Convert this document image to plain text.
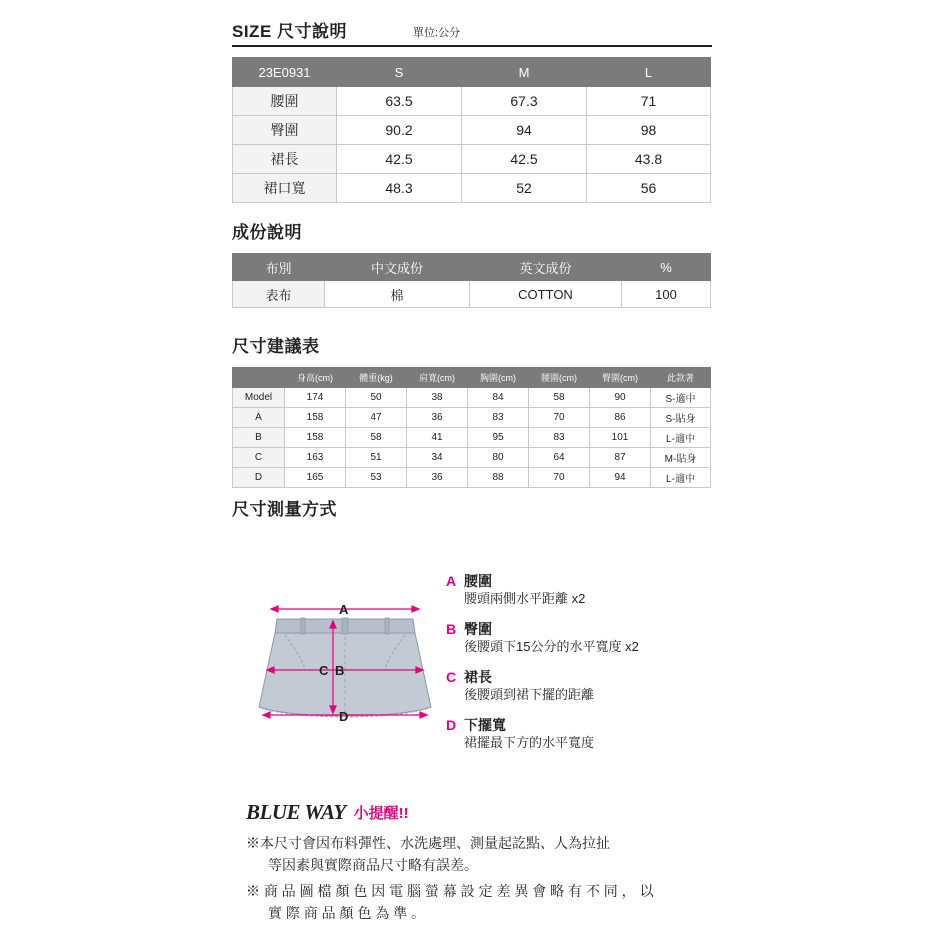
SIZE 尺寸說明	單位:公分
23E0931	S	M	L
腰圍	63.5	67.3	71
臀圍	90.2	94	98
裙長	42.5	42.5	43.8
裙口寬	48.3	52	56
成份說明
布別	中文成份	英文成份	%
表布	棉	COTTON	100
尺寸建議表
	身高(cm)	體重(kg)	肩寬(cm)	胸圍(cm)	腰圍(cm)	臀圍(cm)	此款著
Model	174	50	38	84	58	90	S-適中
A	158	47	36	83	70	86	S-貼身
B	158	58	41	95	83	101	L-適中
C	163	51	34	80	64	87	M-貼身
D	165	53	36	88	70	94	L-適中
尺寸測量方式
A
B
C
D
A 腰圍
腰頭兩側水平距離 x2
B 臀圍
後腰頭下15公分的水平寬度 x2
C 裙長
後腰頭到裙下擺的距離
D 下擺寬
裙擺最下方的水平寬度
BLUE WAY 小提醒!!
※本尺寸會因布料彈性、水洗處理、測量起訖點、人為拉扯
等因素與實際商品尺寸略有誤差。
※ 商 品 圖 檔 顏 色 因 電 腦 螢 幕 設 定 差 異 會 略 有 不 同 ， 以
實 際 商 品 顏 色 為 準 。
